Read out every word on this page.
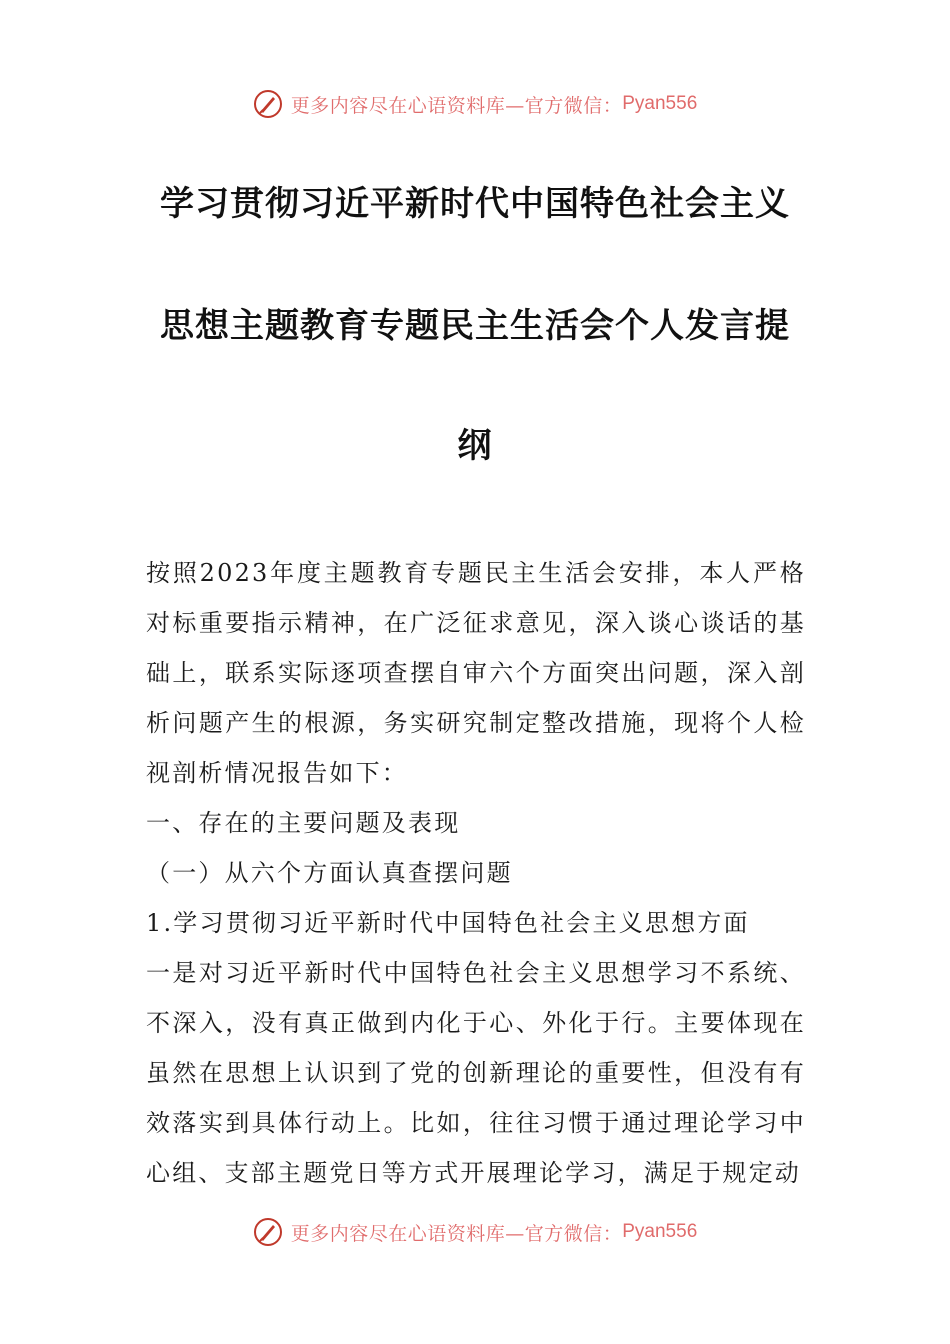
更多内容尽在心语资料库—官方微信： Pyan556
学习贯彻习近平新时代中国特色社会主义
思想主题教育专题民主生活会个人发言提
纲

按照2023年度主题教育专题民主生活会安排，本人严格对标重要指示精神，在广泛征求意见，深入谈心谈话的基础上，联系实际逐项查摆自审六个方面突出问题，深入剖析问题产生的根源，务实研究制定整改措施，现将个人检视剖析情况报告如下：

一、存在的主要问题及表现

（一）从六个方面认真查摆问题

1.学习贯彻习近平新时代中国特色社会主义思想方面

一是对习近平新时代中国特色社会主义思想学习不系统、不深入，没有真正做到内化于心、外化于行。主要体现在虽然在思想上认识到了党的创新理论的重要性，但没有有效落实到具体行动上。比如，往往习惯于通过理论学习中心组、支部主题党日等方式开展理论学习，满足于规定动

更多内容尽在心语资料库—官方微信： Pyan556
